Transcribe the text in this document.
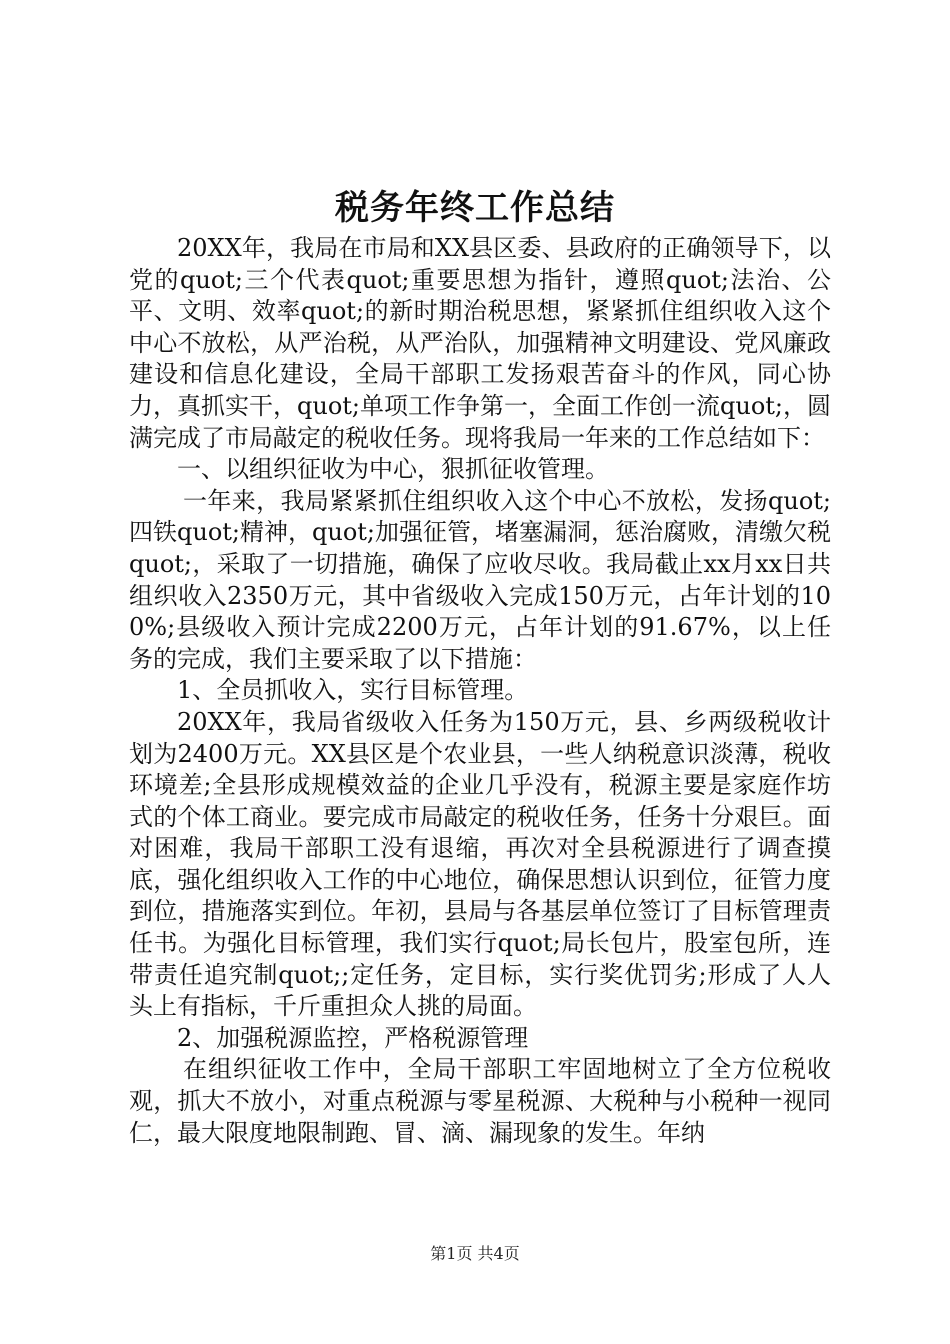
税务年终工作总结

20XX年，我局在市局和XX县区委、县政府的正确领导下，以党的quot;三个代表quot;重要思想为指针，遵照quot;法治、公平、文明、效率quot;的新时期治税思想，紧紧抓住组织收入这个中心不放松，从严治税，从严治队，加强精神文明建设、党风廉政建设和信息化建设，全局干部职工发扬艰苦奋斗的作风，同心协力，真抓实干，quot;单项工作争第一，全面工作创一流quot;，圆满完成了市局敲定的税收任务。现将我局一年来的工作总结如下：

一、以组织征收为中心，狠抓征收管理。

一年来，我局紧紧抓住组织收入这个中心不放松，发扬quot;四铁quot;精神，quot;加强征管，堵塞漏洞，惩治腐败，清缴欠税quot;，采取了一切措施，确保了应收尽收。我局截止xx月xx日共组织收入2350万元，其中省级收入完成150万元，占年计划的100%;县级收入预计完成2200万元，占年计划的91.67%，以上任务的完成，我们主要采取了以下措施：

1、全员抓收入，实行目标管理。

20XX年，我局省级收入任务为150万元，县、乡两级税收计划为2400万元。XX县区是个农业县，一些人纳税意识淡薄，税收环境差;全县形成规模效益的企业几乎没有，税源主要是家庭作坊式的个体工商业。要完成市局敲定的税收任务，任务十分艰巨。面对困难，我局干部职工没有退缩，再次对全县税源进行了调查摸底，强化组织收入工作的中心地位，确保思想认识到位，征管力度到位，措施落实到位。年初，县局与各基层单位签订了目标管理责任书。为强化目标管理，我们实行quot;局长包片，股室包所，连带责任追究制quot;;定任务，定目标，实行奖优罚劣;形成了人人头上有指标，千斤重担众人挑的局面。

2、加强税源监控，严格税源管理

在组织征收工作中，全局干部职工牢固地树立了全方位税收观，抓大不放小，对重点税源与零星税源、大税种与小税种一视同仁，最大限度地限制跑、冒、滴、漏现象的发生。年纳

第1页 共4页
